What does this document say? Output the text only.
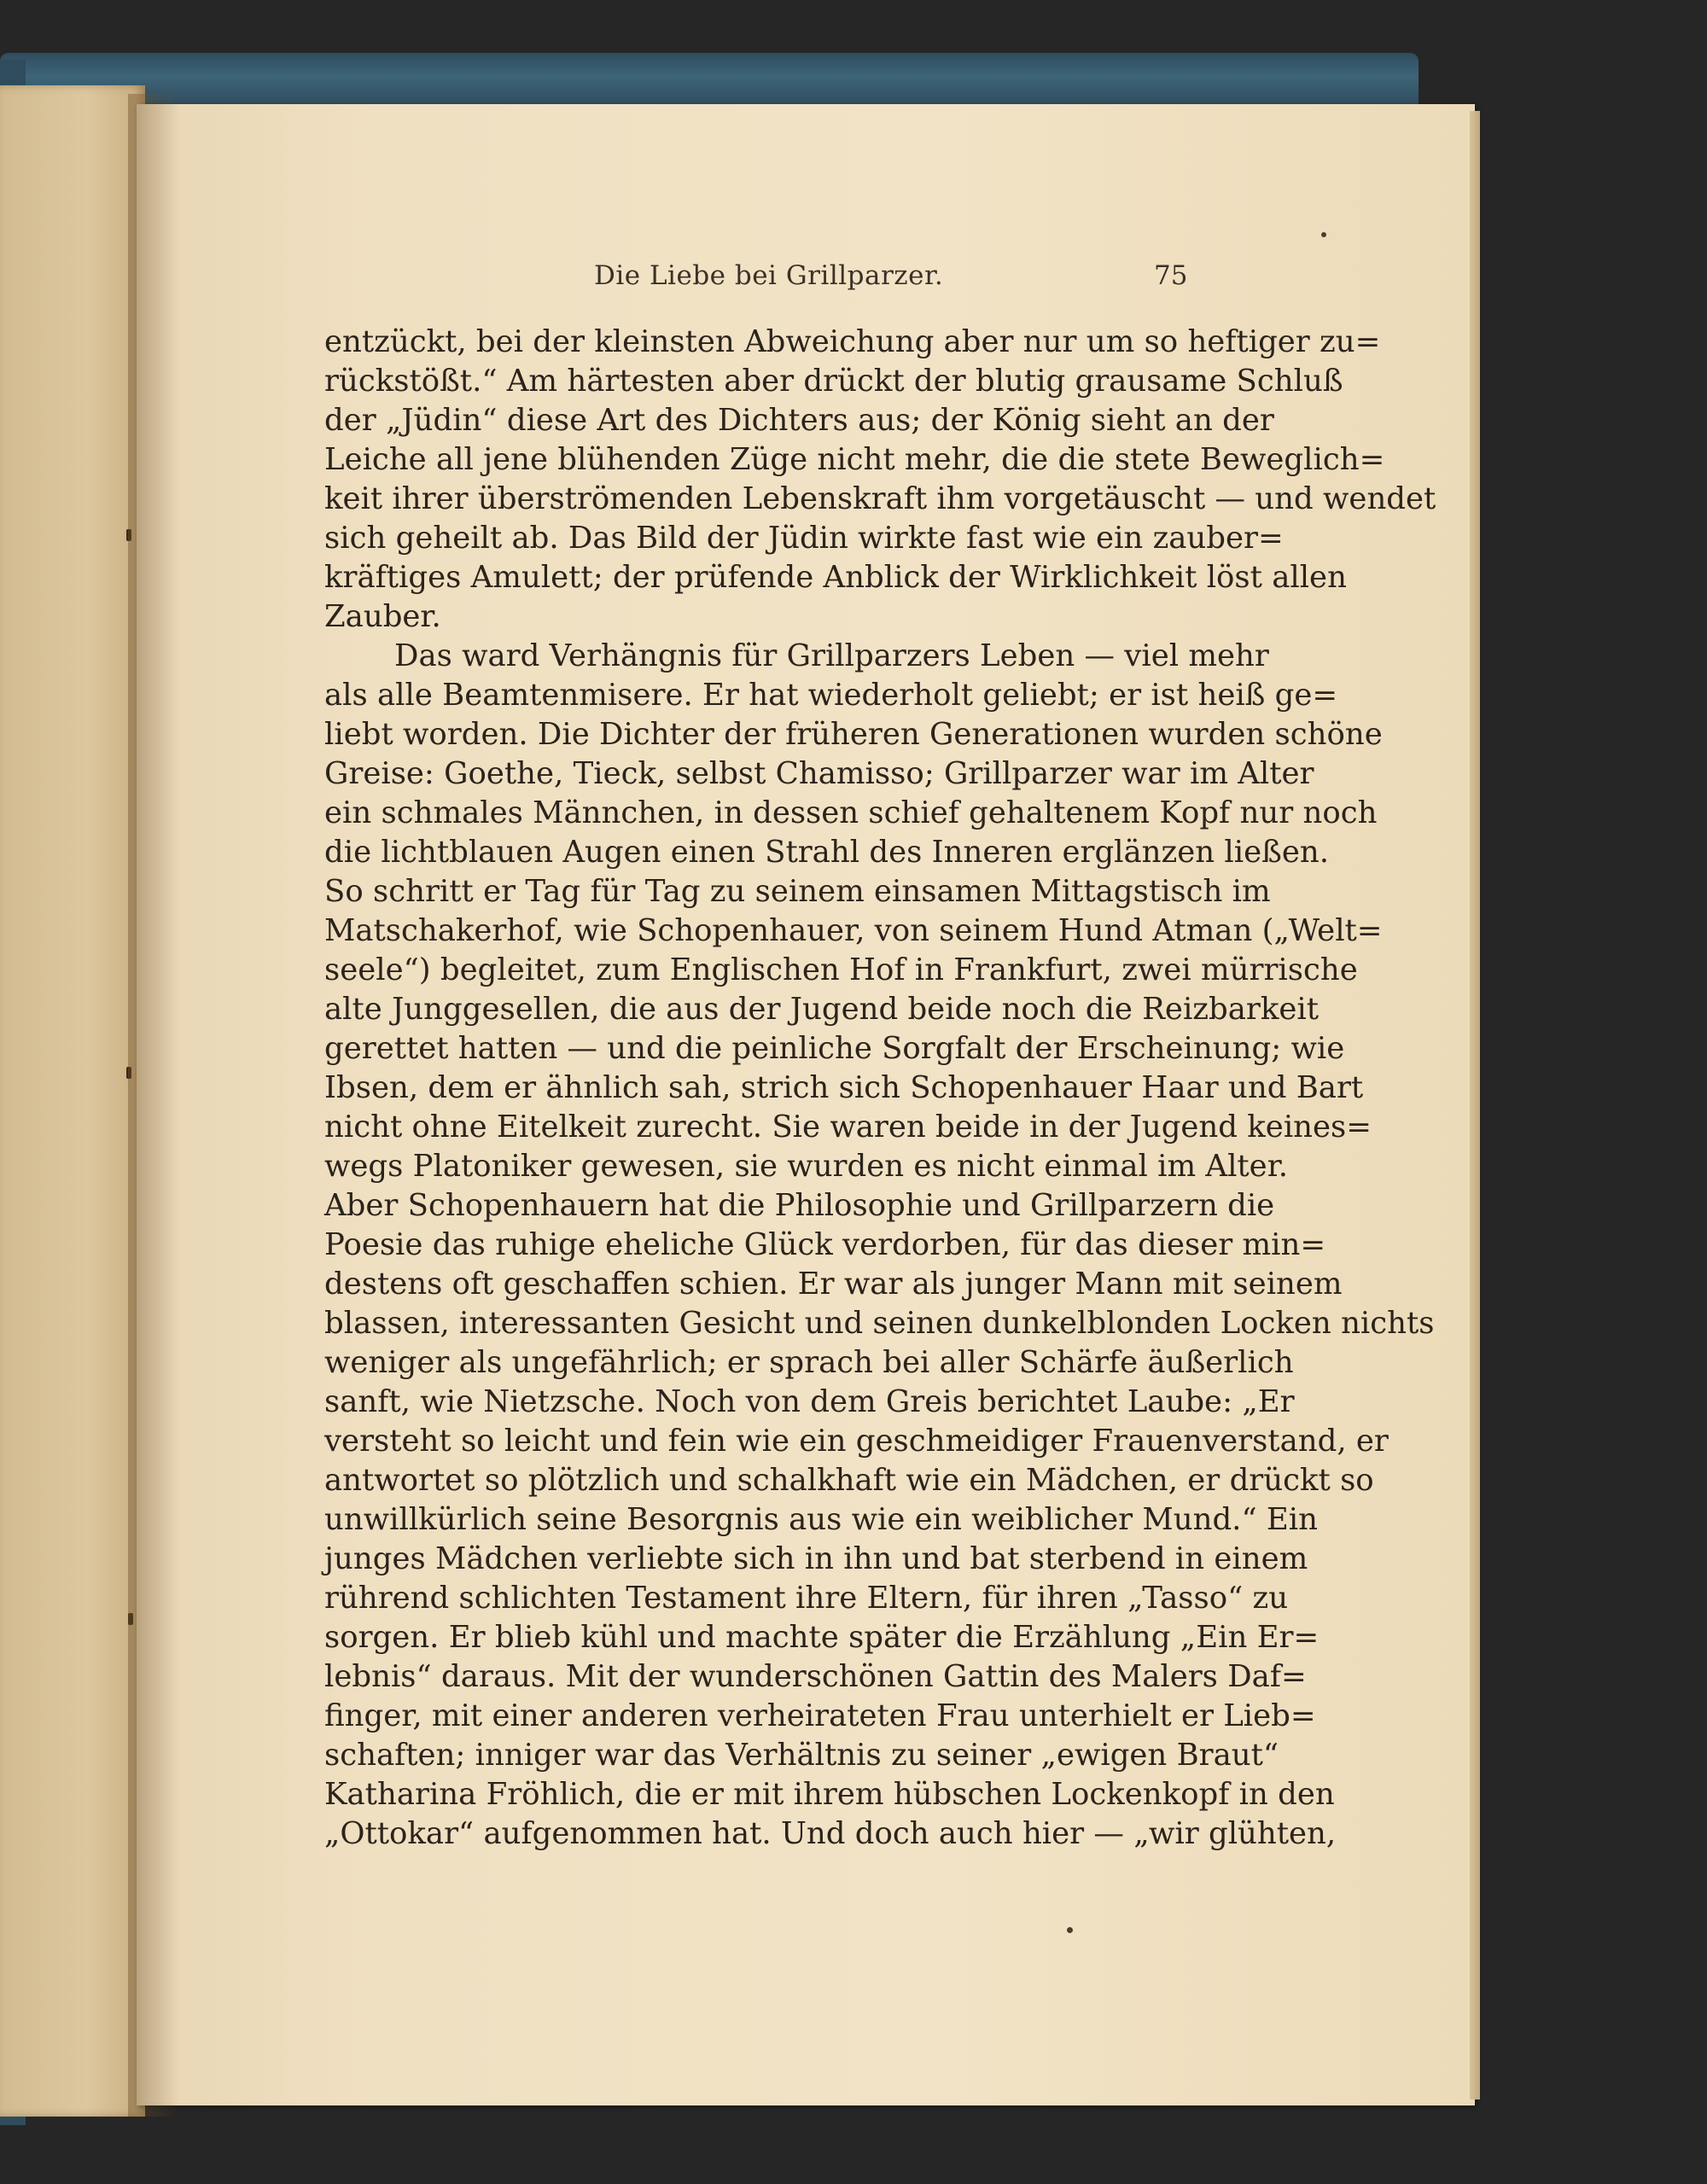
Die Liebe bei Grillparzer.	75
entzückt, bei der kleinsten Abweichung aber nur um so heftiger zu=
rückstößt.“ Am härtesten aber drückt der blutig grausame Schluß
der „Jüdin“ diese Art des Dichters aus; der König sieht an der
Leiche all jene blühenden Züge nicht mehr, die die stete Beweglich=
keit ihrer überströmenden Lebenskraft ihm vorgetäuscht — und wendet
sich geheilt ab. Das Bild der Jüdin wirkte fast wie ein zauber=
kräftiges Amulett; der prüfende Anblick der Wirklichkeit löst allen
Zauber.
Das ward Verhängnis für Grillparzers Leben — viel mehr
als alle Beamtenmisere. Er hat wiederholt geliebt; er ist heiß ge=
liebt worden. Die Dichter der früheren Generationen wurden schöne
Greise: Goethe, Tieck, selbst Chamisso; Grillparzer war im Alter
ein schmales Männchen, in dessen schief gehaltenem Kopf nur noch
die lichtblauen Augen einen Strahl des Inneren erglänzen ließen.
So schritt er Tag für Tag zu seinem einsamen Mittagstisch im
Matschakerhof, wie Schopenhauer, von seinem Hund Atman („Welt=
seele“) begleitet, zum Englischen Hof in Frankfurt, zwei mürrische
alte Junggesellen, die aus der Jugend beide noch die Reizbarkeit
gerettet hatten — und die peinliche Sorgfalt der Erscheinung; wie
Ibsen, dem er ähnlich sah, strich sich Schopenhauer Haar und Bart
nicht ohne Eitelkeit zurecht. Sie waren beide in der Jugend keines=
wegs Platoniker gewesen, sie wurden es nicht einmal im Alter.
Aber Schopenhauern hat die Philosophie und Grillparzern die
Poesie das ruhige eheliche Glück verdorben, für das dieser min=
destens oft geschaffen schien. Er war als junger Mann mit seinem
blassen, interessanten Gesicht und seinen dunkelblonden Locken nichts
weniger als ungefährlich; er sprach bei aller Schärfe äußerlich
sanft, wie Nietzsche. Noch von dem Greis berichtet Laube: „Er
versteht so leicht und fein wie ein geschmeidiger Frauenverstand, er
antwortet so plötzlich und schalkhaft wie ein Mädchen, er drückt so
unwillkürlich seine Besorgnis aus wie ein weiblicher Mund.“ Ein
junges Mädchen verliebte sich in ihn und bat sterbend in einem
rührend schlichten Testament ihre Eltern, für ihren „Tasso“ zu
sorgen. Er blieb kühl und machte später die Erzählung „Ein Er=
lebnis“ daraus. Mit der wunderschönen Gattin des Malers Daf=
finger, mit einer anderen verheirateten Frau unterhielt er Lieb=
schaften; inniger war das Verhältnis zu seiner „ewigen Braut“
Katharina Fröhlich, die er mit ihrem hübschen Lockenkopf in den
„Ottokar“ aufgenommen hat. Und doch auch hier — „wir glühten,
